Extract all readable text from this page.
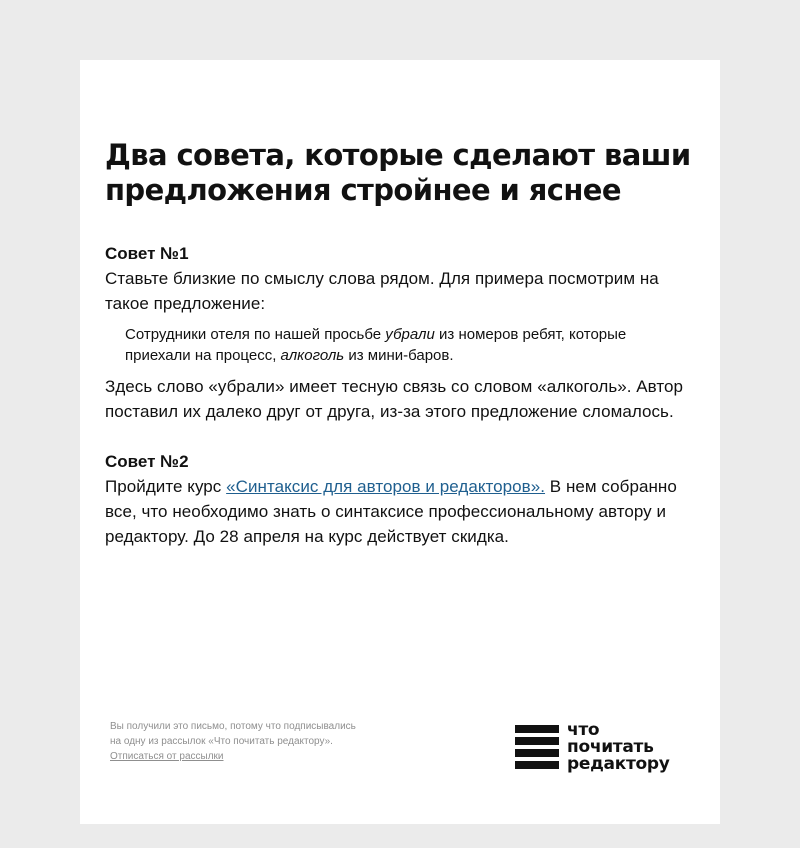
Два совета, которые сделают ваши предложения стройнее и яснее

Совет №1

Ставьте близкие по смыслу слова рядом. Для примера посмотрим на такое предложение:

Сотрудники отеля по нашей просьбе убрали из номеров ребят, которые приехали на процесс, алкоголь из мини-баров.

Здесь слово «убрали» имеет тесную связь со словом «алкоголь». Автор поставил их далеко друг от друга, из-за этого предложение сломалось.

Совет №2

Пройдите курс «Синтаксис для авторов и редакторов». В нем собранно все, что необходимо знать о синтаксисе профессиональному автору и редактору. До 28 апреля на курс действует скидка.

Вы получили это письмо, потому что подписывались

на одну из рассылок «Что почитать редактору».

Отписаться от рассылки

что
почитать
редактору
